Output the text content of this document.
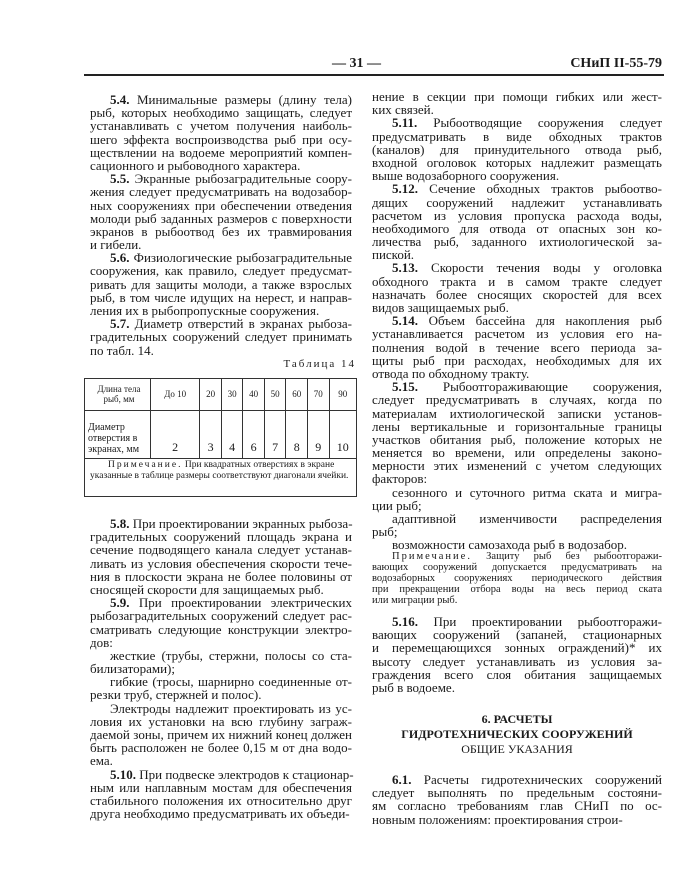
— 31 —	СНиП II-55-79
5.4. Минимальные размеры (длину тела)
рыб, которых необходимо защищать, следует
устанавливать с учетом получения наиболь-
шего эффекта воспроизводства рыб при осу-
ществлении на водоеме мероприятий компен-
сационного и рыбоводного характера.
5.5. Экранные рыбозаградительные соору-
жения следует предусматривать на водозабор-
ных сооружениях при обеспечении отведения
молоди рыб заданных размеров с поверхности
экранов в рыбоотвод без их травмирования
и гибели.
5.6. Физиологические рыбозаградительные
сооружения, как правило, следует предусмат-
ривать для защиты молоди, а также взрослых
рыб, в том числе идущих на нерест, и направ-
ления их в рыбопропускные сооружения.
5.7. Диаметр отверстий в экранах рыбоза-
градительных сооружений следует принимать
по табл. 14.
Таблица 14
Длина тела рыб, мм	До 10	20	30	40	50	60	70	90
Диаметр отверстия в экранах, мм	2	3	4	6	7	8	9	10
Примечание. При квадратных отверстиях в экране указанные в таблице размеры соответствуют диагонали ячейки.
5.8. При проектировании экранных рыбоза-
градительных сооружений площадь экрана и
сечение подводящего канала следует устанав-
ливать из условия обеспечения скорости тече-
ния в плоскости экрана не более половины от
сносящей скорости для защищаемых рыб.
5.9. При проектировании электрических
рыбозаградительных сооружений следует рас-
сматривать следующие конструкции электро-
дов:
жесткие (трубы, стержни, полосы со ста-
билизаторами);
гибкие (тросы, шарнирно соединенные от-
резки труб, стержней и полос).
Электроды надлежит проектировать из ус-
ловия их установки на всю глубину заграж-
даемой зоны, причем их нижний конец должен
быть расположен не более 0,15 м от дна водо-
ема.
5.10. При подвеске электродов к стационар-
ным или наплавным мостам для обеспечения
стабильного положения их относительно друг
друга необходимо предусматривать их объеди-
нение в секции при помощи гибких или жест-
ких связей.
5.11. Рыбоотводящие сооружения следует
предусматривать в виде обходных трактов
(каналов) для принудительного отвода рыб,
входной оголовок которых надлежит размещать
выше водозаборного сооружения.
5.12. Сечение обходных трактов рыбоотво-
дящих сооружений надлежит устанавливать
расчетом из условия пропуска расхода воды,
необходимого для отвода от опасных зон ко-
личества рыб, заданного ихтиологической за-
пиской.
5.13. Скорости течения воды у оголовка
обходного тракта и в самом тракте следует
назначать более сносящих скоростей для всех
видов защищаемых рыб.
5.14. Объем бассейна для накопления рыб
устанавливается расчетом из условия его на-
полнения водой в течение всего периода за-
щиты рыб при расходах, необходимых для их
отвода по обходному тракту.
5.15. Рыбоотгораживающие сооружения,
следует предусматривать в случаях, когда по
материалам ихтиологической записки установ-
лены вертикальные и горизонтальные границы
участков обитания рыб, положение которых не
меняется во времени, или определены законо-
мерности этих изменений с учетом следующих
факторов:
сезонного и суточного ритма ската и мигра-
ции рыб;
адаптивной изменчивости распределения
рыб;
возможности самозахода рыб в водозабор.
Примечание. Защиту рыб без рыбоотгоражи-
вающих сооружений допускается предусматривать на
водозаборных сооружениях периодического действия
при прекращении отбора воды на весь период ската
или миграции рыб.
5.16. При проектировании рыбоотгоражи-
вающих сооружений (запаней, стационарных
и перемещающихся зонных ограждений)* их
высоту следует устанавливать из условия за-
граждения всего слоя обитания защищаемых
рыб в водоеме.
6. РАСЧЕТЫ
ГИДРОТЕХНИЧЕСКИХ СООРУЖЕНИЙ
ОБЩИЕ УКАЗАНИЯ
6.1. Расчеты гидротехнических сооружений
следует выполнять по предельным состояни-
ям согласно требованиям глав СНиП по ос-
новным положениям: проектирования строи-
